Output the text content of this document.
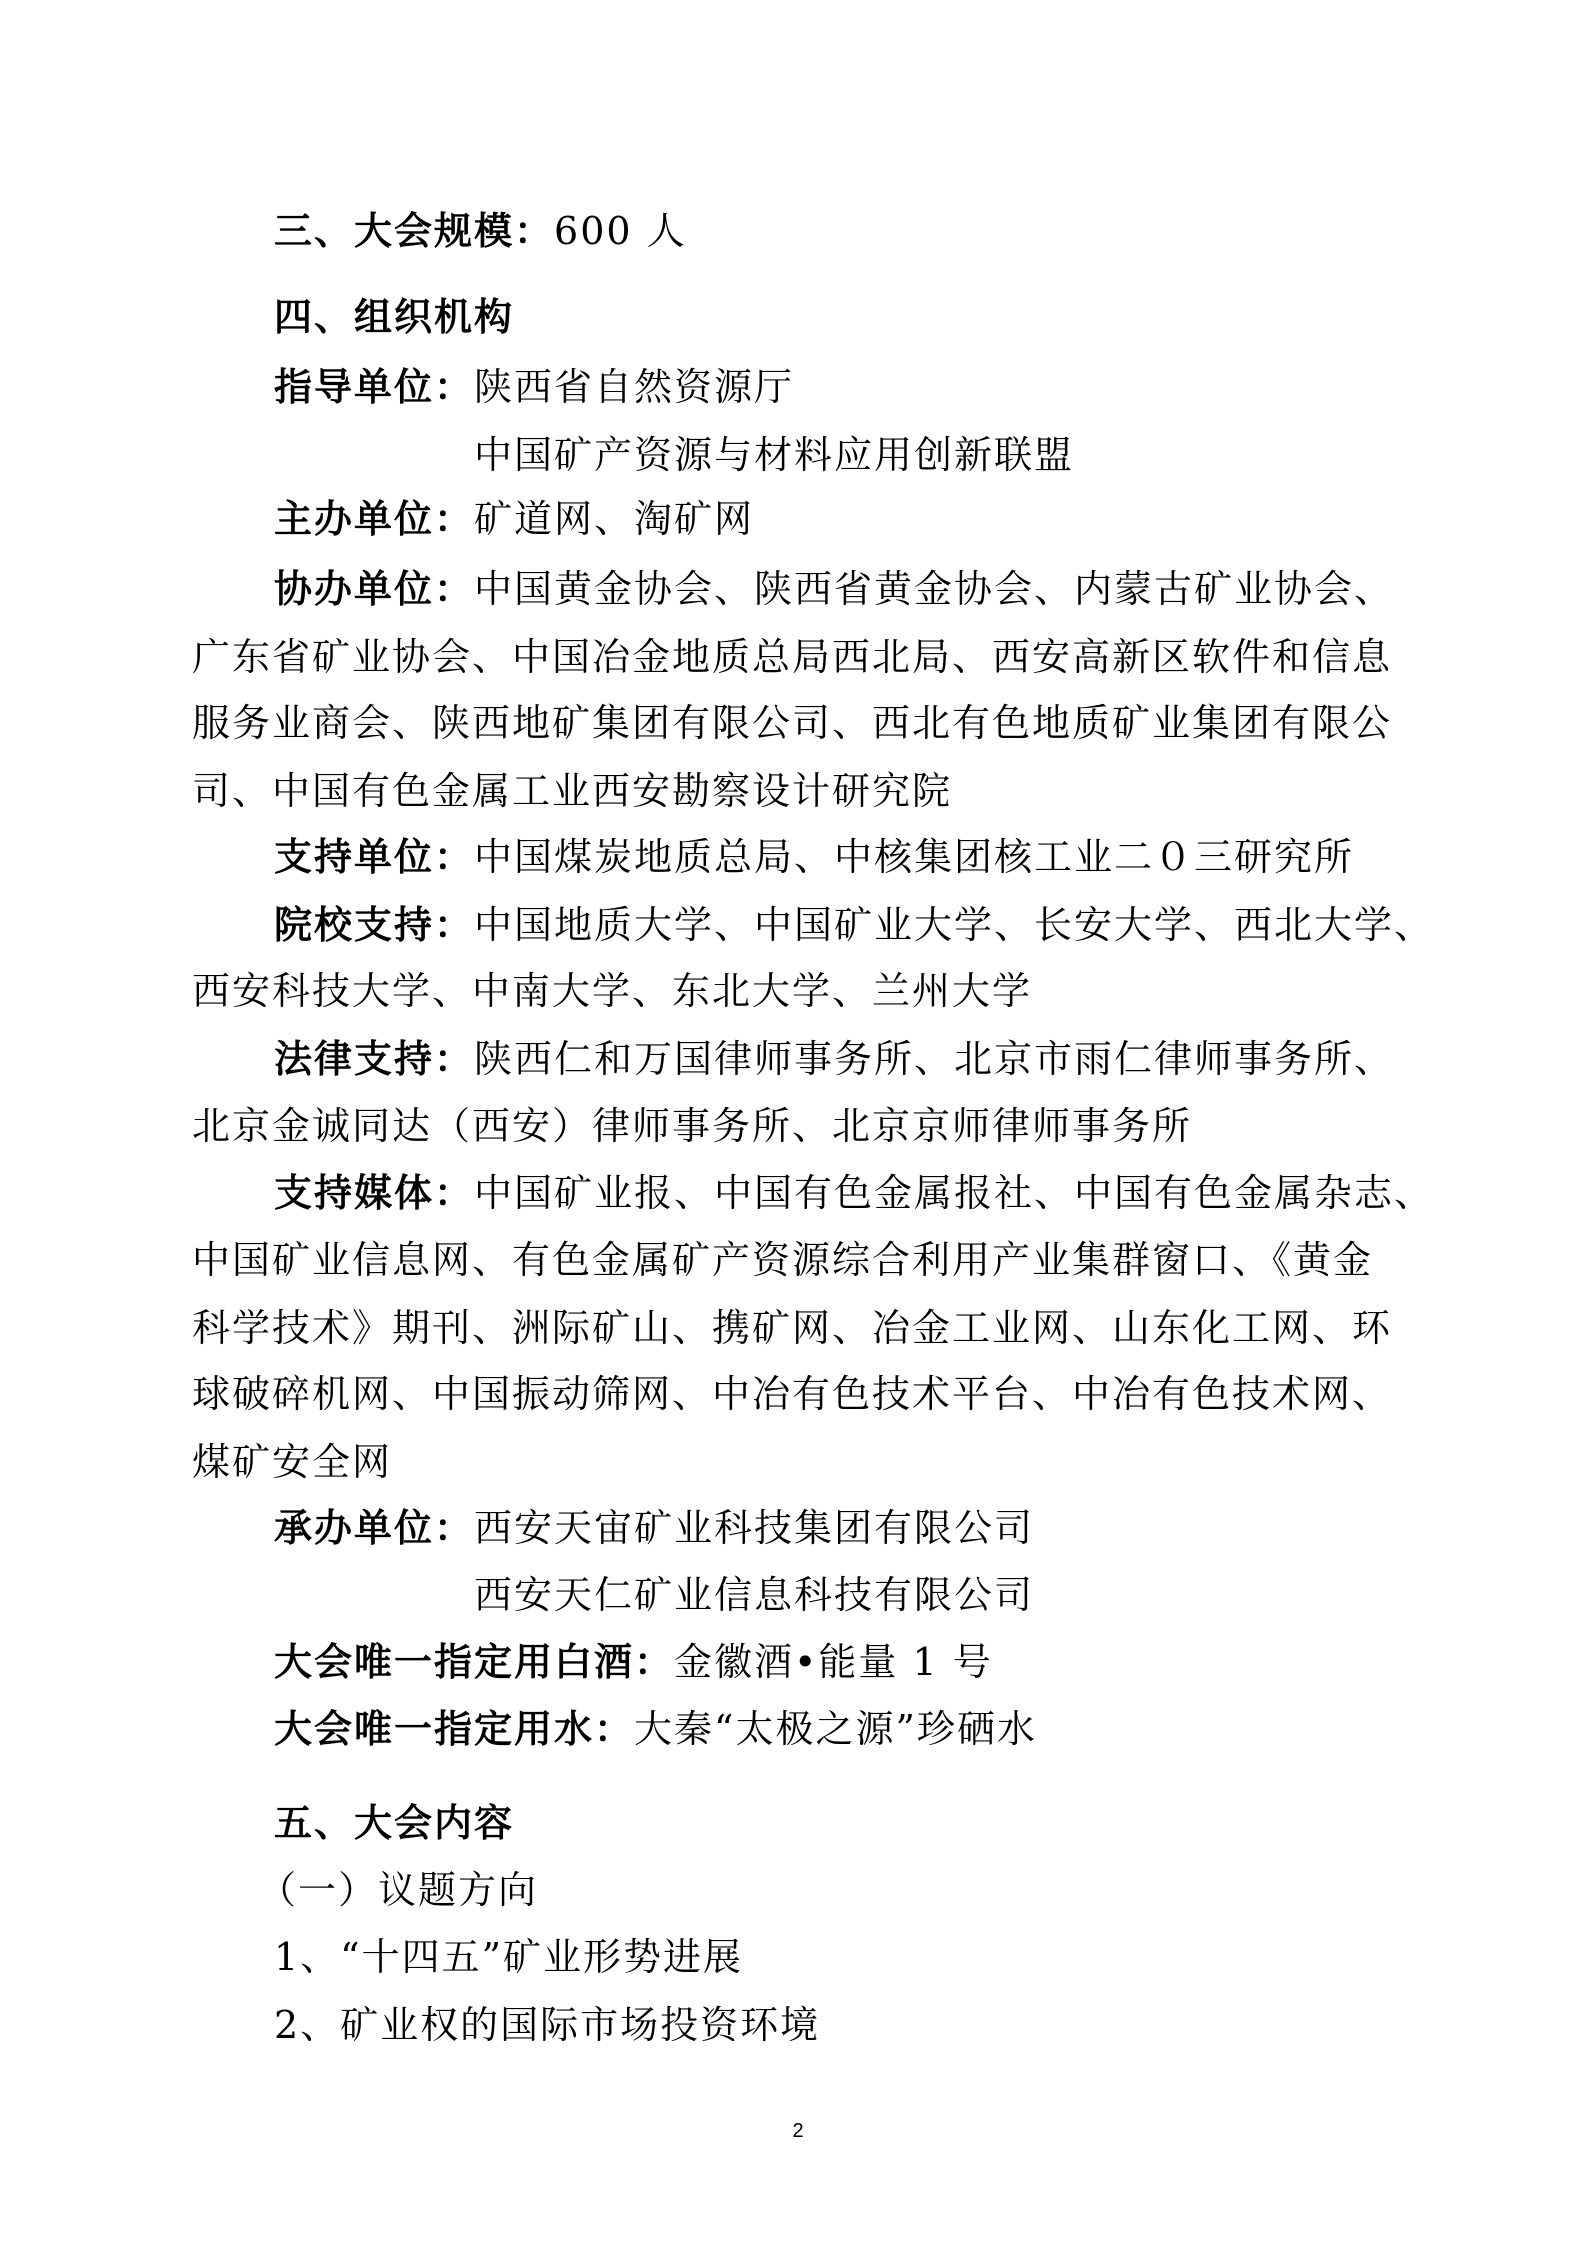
三、大会规模：600 人
四、组织机构
指导单位：陕西省自然资源厅
中国矿产资源与材料应用创新联盟
主办单位：矿道网、淘矿网
协办单位：中国黄金协会、陕西省黄金协会、内蒙古矿业协会、
广东省矿业协会、中国冶金地质总局西北局、西安高新区软件和信息
服务业商会、陕西地矿集团有限公司、西北有色地质矿业集团有限公
司、中国有色金属工业西安勘察设计研究院
支持单位：中国煤炭地质总局、中核集团核工业二０三研究所
院校支持：中国地质大学、中国矿业大学、长安大学、西北大学、
西安科技大学、中南大学、东北大学、兰州大学
法律支持：陕西仁和万国律师事务所、北京市雨仁律师事务所、
北京金诚同达（西安）律师事务所、北京京师律师事务所
支持媒体：中国矿业报、中国有色金属报社、中国有色金属杂志、
中国矿业信息网、有色金属矿产资源综合利用产业集群窗口、《黄金
科学技术》期刊、洲际矿山、携矿网、冶金工业网、山东化工网、环
球破碎机网、中国振动筛网、中冶有色技术平台、中冶有色技术网、
煤矿安全网
承办单位：西安天宙矿业科技集团有限公司
西安天仁矿业信息科技有限公司
大会唯一指定用白酒：金徽酒•能量 1 号
大会唯一指定用水：大秦“太极之源”珍硒水
五、大会内容
（一）议题方向
1、“十四五”矿业形势进展
2、矿业权的国际市场投资环境
2
